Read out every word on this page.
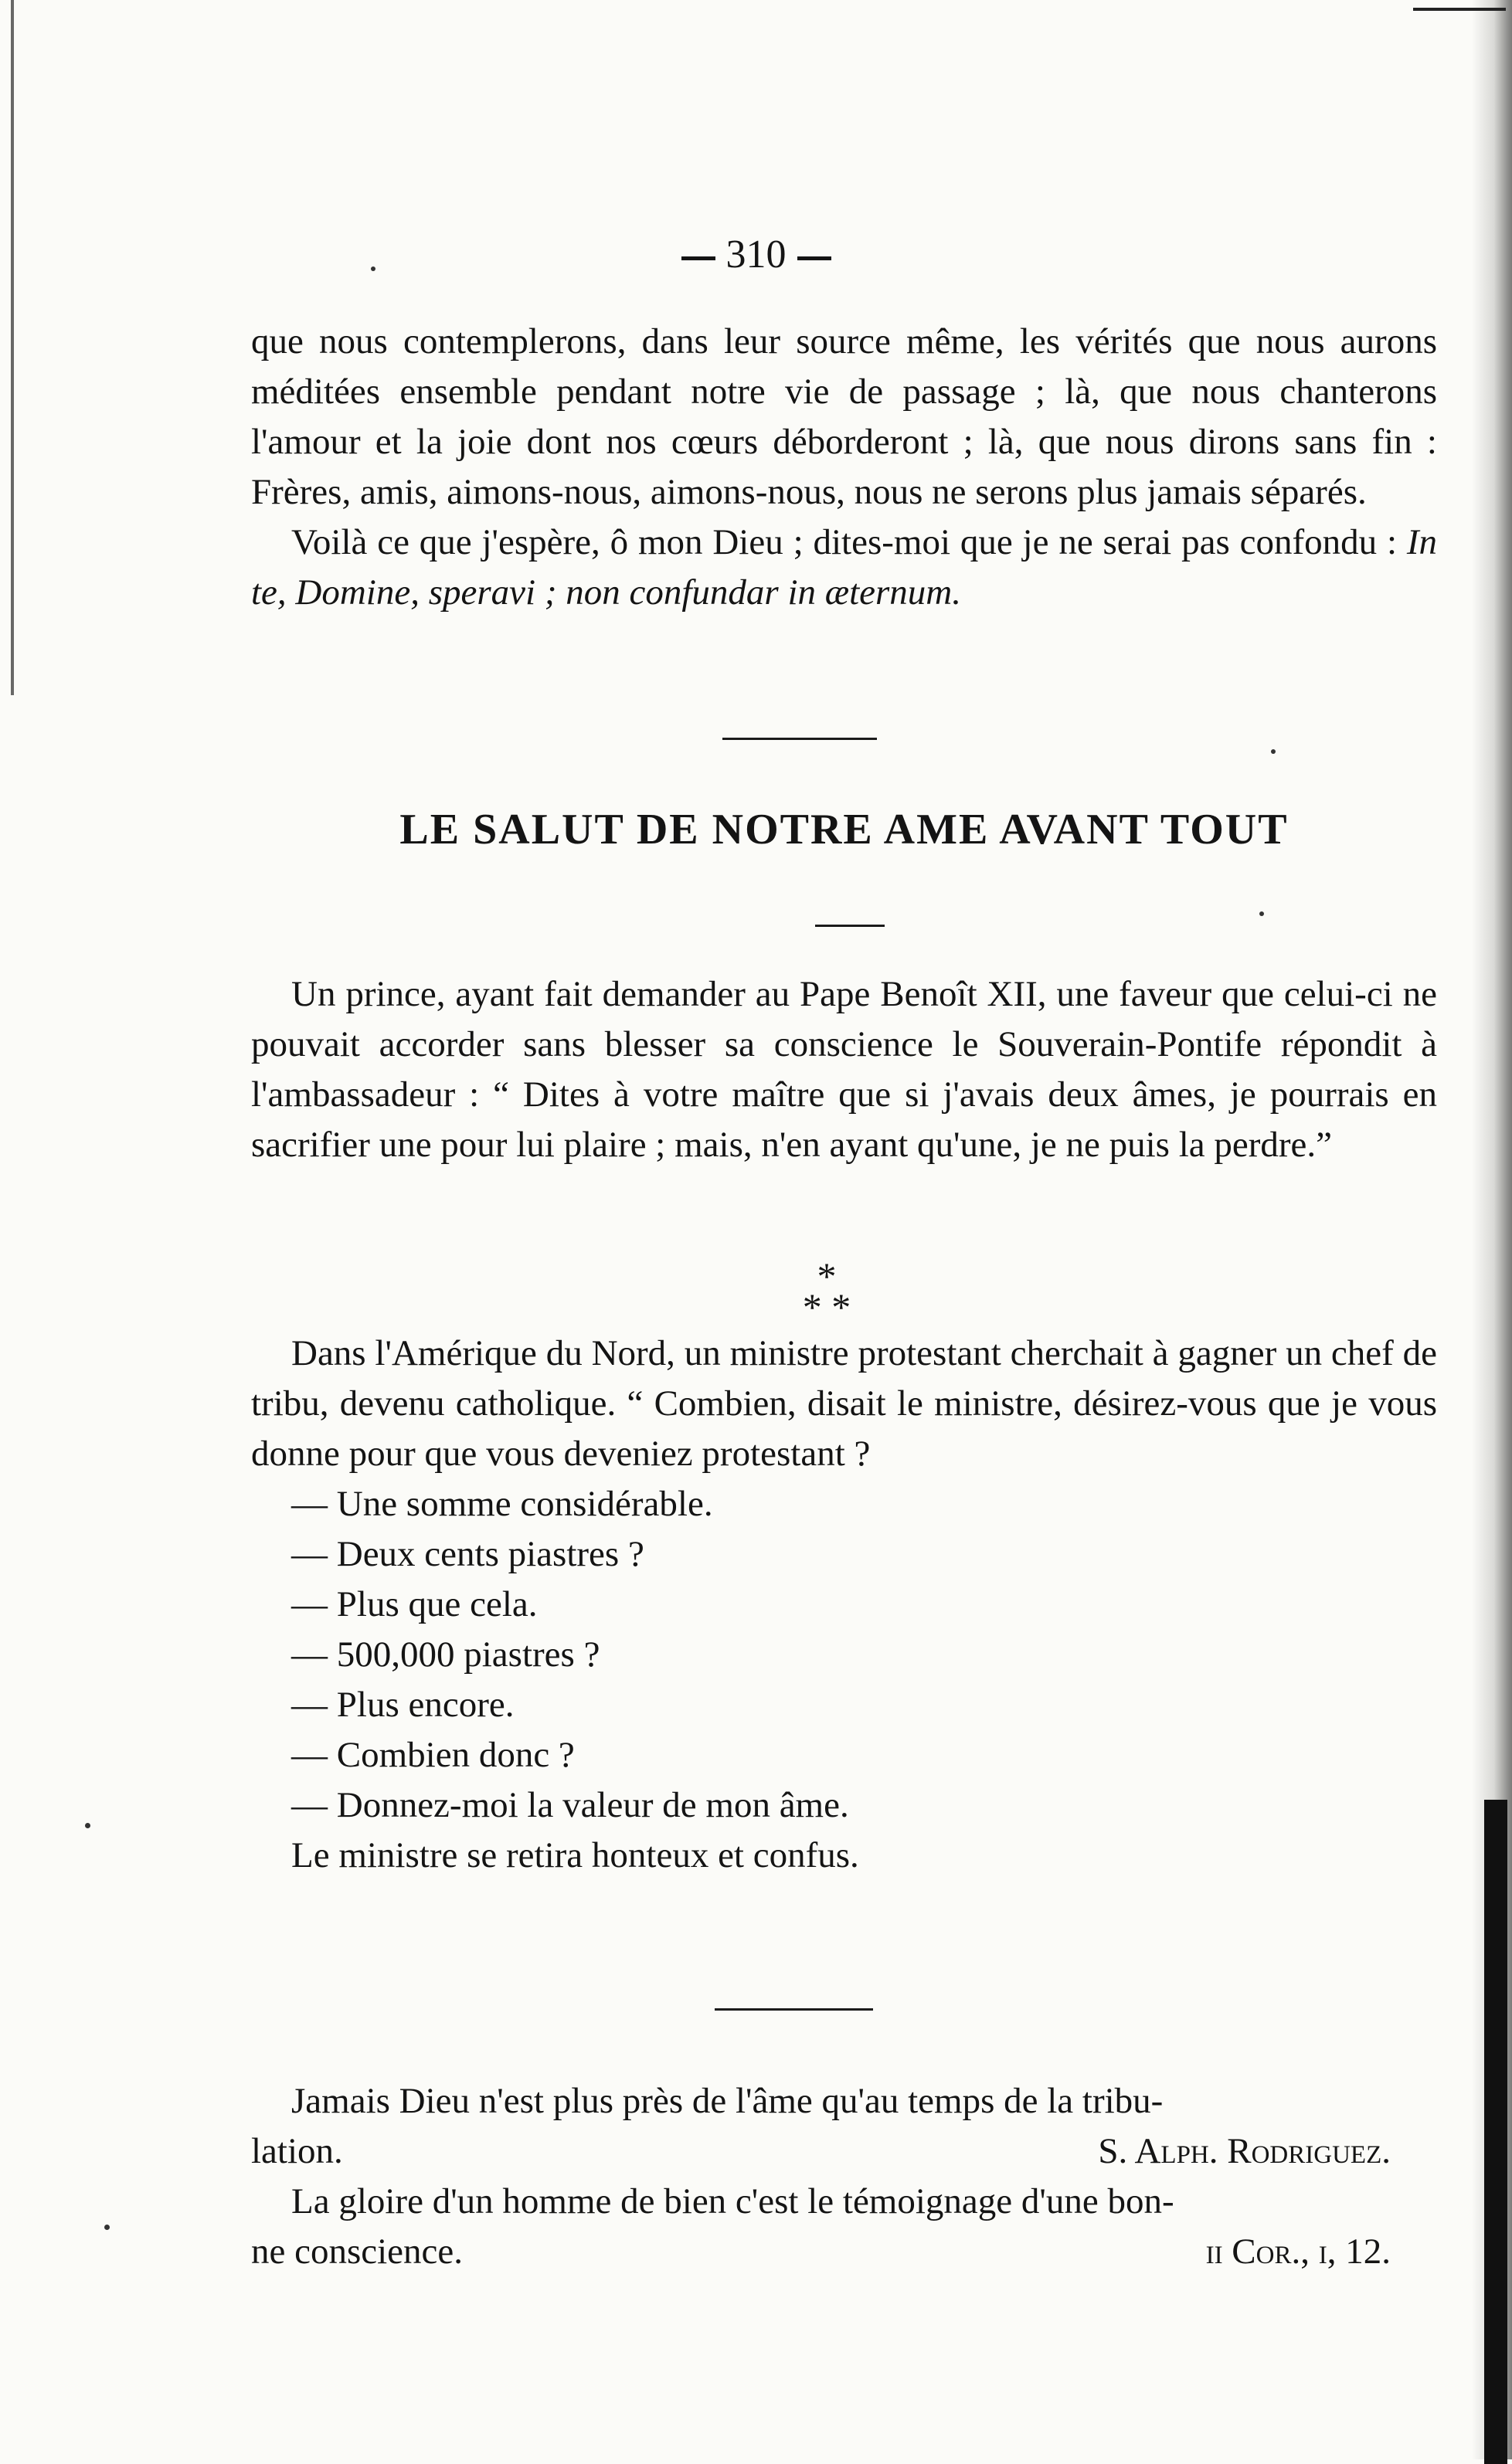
310

que nous contemplerons, dans leur source même, les vérités que nous aurons méditées ensemble pendant notre vie de passage ; là, que nous chanterons l'amour et la joie dont nos cœurs déborderont ; là, que nous dirons sans fin : Frères, amis, aimons-nous, aimons-nous, nous ne serons plus jamais séparés.

Voilà ce que j'espère, ô mon Dieu ; dites-moi que je ne serai pas confondu : In te, Domine, speravi ; non confundar in æternum.

LE SALUT DE NOTRE AME AVANT TOUT

Un prince, ayant fait demander au Pape Benoît XII, une faveur que celui-ci ne pouvait accorder sans blesser sa conscience le Souverain-Pontife répondit à l'ambassadeur : “ Dites à votre maître que si j'avais deux âmes, je pourrais en sacrifier une pour lui plaire ; mais, n'en ayant qu'une, je ne puis la perdre.”

*
* *

Dans l'Amérique du Nord, un ministre protestant cherchait à gagner un chef de tribu, devenu catholique. “ Combien, disait le ministre, désirez-vous que je vous donne pour que vous deveniez protestant ?

— Une somme considérable.

— Deux cents piastres ?

— Plus que cela.

— 500,000 piastres ?

— Plus encore.

— Combien donc ?

— Donnez-moi la valeur de mon âme.

Le ministre se retira honteux et confus.

Jamais Dieu n'est plus près de l'âme qu'au temps de la tribu-

lation.	S. Alph. Rodriguez.

La gloire d'un homme de bien c'est le témoignage d'une bon-

ne conscience.	ii Cor., i, 12.
